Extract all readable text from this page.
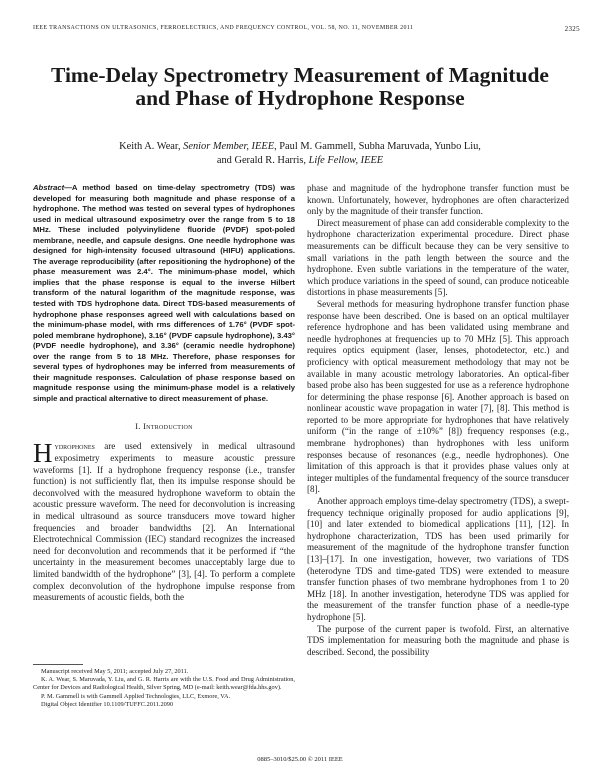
IEEE TRANSACTIONS ON ULTRASONICS, FERROELECTRICS, AND FREQUENCY CONTROL, VOL. 58, NO. 11, NOVEMBER 2011	2325
Time-Delay Spectrometry Measurement of Magnitude and Phase of Hydrophone Response
Keith A. Wear, Senior Member, IEEE, Paul M. Gammell, Subha Maruvada, Yunbo Liu,
and Gerald R. Harris, Life Fellow, IEEE

Abstract—A method based on time-delay spectrometry (TDS) was developed for measuring both magnitude and phase response of a hydrophone. The method was tested on several types of hydrophones used in medical ultrasound exposimetry over the range from 5 to 18 MHz. These included polyvinylidene fluoride (PVDF) spot-poled membrane, needle, and capsule designs. One needle hydrophone was designed for high-intensity focused ultrasound (HIFU) applications. The average reproducibility (after repositioning the hydrophone) of the phase measurement was 2.4°. The minimum-phase model, which implies that the phase response is equal to the inverse Hilbert transform of the natural logarithm of the magnitude response, was tested with TDS hydrophone data. Direct TDS-based measurements of hydrophone phase responses agreed well with calculations based on the minimum-phase model, with rms differences of 1.76° (PVDF spot-poled membrane hydrophone), 3.16° (PVDF capsule hydrophone), 3.43° (PVDF needle hydrophone), and 3.36° (ceramic needle hydrophone) over the range from 5 to 18 MHz. Therefore, phase responses for several types of hydrophones may be inferred from measurements of their magnitude responses. Calculation of phase response based on magnitude response using the minimum-phase model is a relatively simple and practical alternative to direct measurement of phase.

I. Introduction

Hydrophones are used extensively in medical ultrasound exposimetry experiments to measure acoustic pressure waveforms [1]. If a hydrophone frequency response (i.e., transfer function) is not sufficiently flat, then its impulse response should be deconvolved with the measured hydrophone waveform to obtain the acoustic pressure waveform. The need for deconvolution is increasing in medical ultrasound as source transducers move toward higher frequencies and broader bandwidths [2]. An International Electrotechnical Commission (IEC) standard recognizes the increased need for deconvolution and recommends that it be performed if “the uncertainty in the measurement becomes unacceptably large due to limited bandwidth of the hydrophone” [3], [4]. To perform a complete complex deconvolution of the hydrophone impulse response from measurements of acoustic fields, both the

Manuscript received May 5, 2011; accepted July 27, 2011.

K. A. Wear, S. Maruvada, Y. Liu, and G. R. Harris are with the U.S. Food and Drug Administration, Center for Devices and Radiological Health, Silver Spring, MD (e-mail: keith.wear@fda.hhs.gov).

P. M. Gammell is with Gammell Applied Technologies, LLC, Exmore, VA.

Digital Object Identifier 10.1109/TUFFC.2011.2090

phase and magnitude of the hydrophone transfer function must be known. Unfortunately, however, hydrophones are often characterized only by the magnitude of their transfer function.

Direct measurement of phase can add considerable complexity to the hydrophone characterization experimental procedure. Direct phase measurements can be difficult because they can be very sensitive to small variations in the path length between the source and the hydrophone. Even subtle variations in the temperature of the water, which produce variations in the speed of sound, can produce noticeable distortions in phase measurements [5].

Several methods for measuring hydrophone transfer function phase response have been described. One is based on an optical multilayer reference hydrophone and has been validated using membrane and needle hydrophones at frequencies up to 70 MHz [5]. This approach requires optics equipment (laser, lenses, photodetector, etc.) and proficiency with optical measurement methodology that may not be available in many acoustic metrology laboratories. An optical-fiber based probe also has been suggested for use as a reference hydrophone for determining the phase response [6]. Another approach is based on nonlinear acoustic wave propagation in water [7], [8]. This method is reported to be more appropriate for hydrophones that have relatively uniform (“in the range of ±10%” [8]) frequency responses (e.g., membrane hydrophones) than hydrophones with less uniform responses because of resonances (e.g., needle hydrophones). One limitation of this approach is that it provides phase values only at integer multiples of the fundamental frequency of the source transducer [8].

Another approach employs time-delay spectrometry (TDS), a swept-frequency technique originally proposed for audio applications [9], [10] and later extended to biomedical applications [11], [12]. In hydrophone characterization, TDS has been used primarily for measurement of the magnitude of the hydrophone transfer function [13]–[17]. In one investigation, however, two variations of TDS (heterodyne TDS and time-gated TDS) were extended to measure transfer function phases of two membrane hydrophones from 1 to 20 MHz [18]. In another investigation, heterodyne TDS was applied for the measurement of the transfer function phase of a needle-type hydrophone [5].

The purpose of the current paper is twofold. First, an alternative TDS implementation for measuring both the magnitude and phase is described. Second, the possibility

0885–3010/$25.00 © 2011 IEEE
